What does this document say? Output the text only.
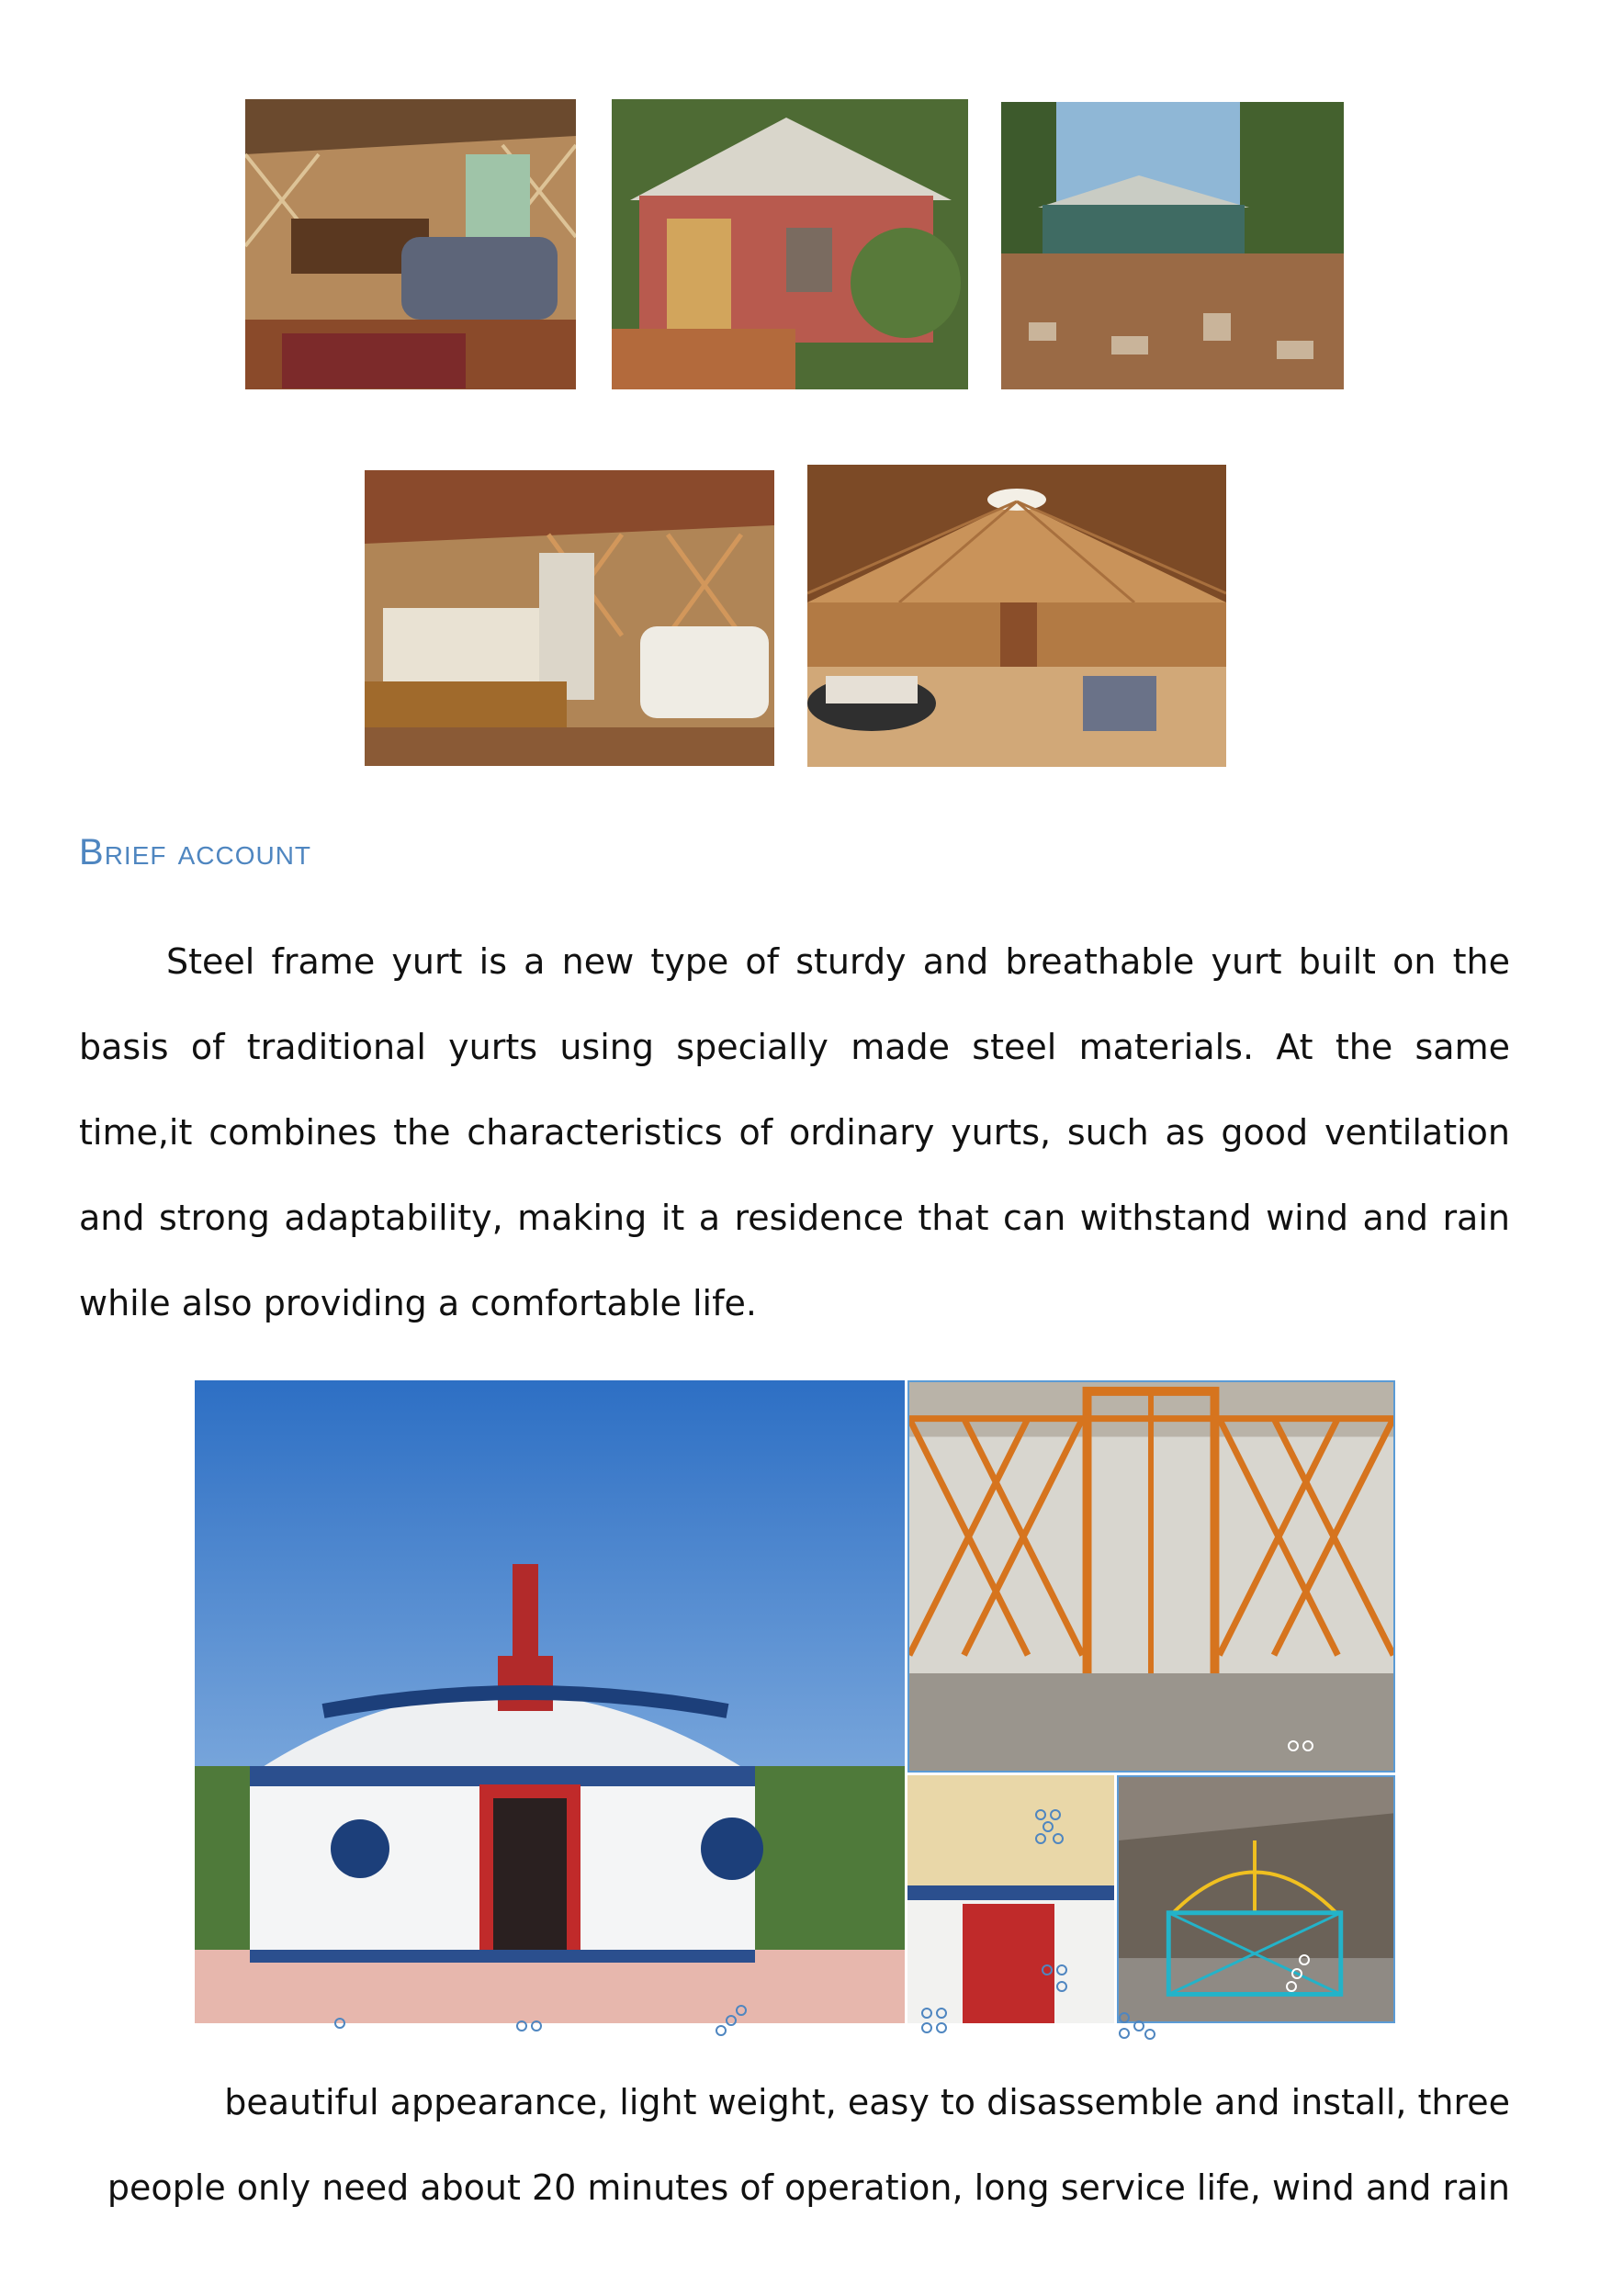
Brief account

Steel frame yurt is a new type of sturdy and breathable yurt built on the basis of traditional yurts using specially made steel materials. At the same time,it combines the characteristics of ordinary yurts, such as good ventilation and strong adaptability, making it a residence that can withstand wind and rain while also providing a comfortable life.

beautiful appearance, light weight, easy to disassemble and install, three people only need about 20 minutes of operation, long service life, wind and rain
